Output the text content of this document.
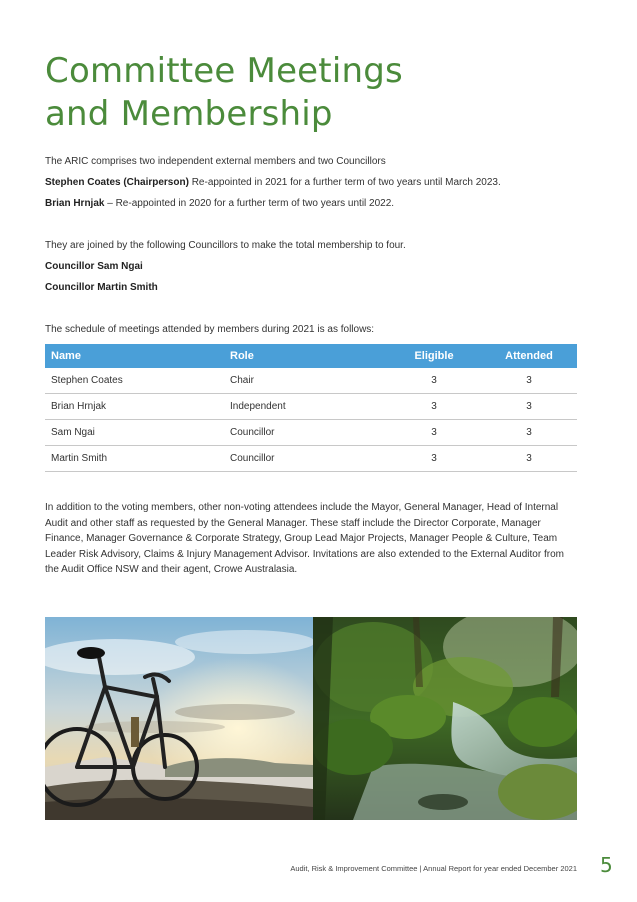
Committee Meetings
and Membership

The ARIC comprises two independent external members and two Councillors

Stephen Coates (Chairperson) Re-appointed in 2021 for a further term of two years until March 2023.

Brian Hrnjak – Re-appointed in 2020 for a further term of two years until 2022.

They are joined by the following Councillors to make the total membership to four.

Councillor Sam Ngai

Councillor Martin Smith

The schedule of meetings attended by members during 2021 is as follows:

Name	Role	Eligible	Attended
Stephen Coates	Chair	3	3
Brian Hrnjak	Independent	3	3
Sam Ngai	Councillor	3	3
Martin Smith	Councillor	3	3

In addition to the voting members, other non-voting attendees include the Mayor, General Manager, Head of Internal Audit and other staff as requested by the General Manager. These staff include the Director Corporate, Manager Finance, Manager Governance & Corporate Strategy, Group Lead Major Projects, Manager People & Culture, Team Leader Risk Advisory, Claims & Injury Management Advisor. Invitations are also extended to the External Auditor from the Audit Office NSW and their agent, Crowe Australasia.

Audit, Risk & Improvement Committee | Annual Report for year ended December 2021 5
